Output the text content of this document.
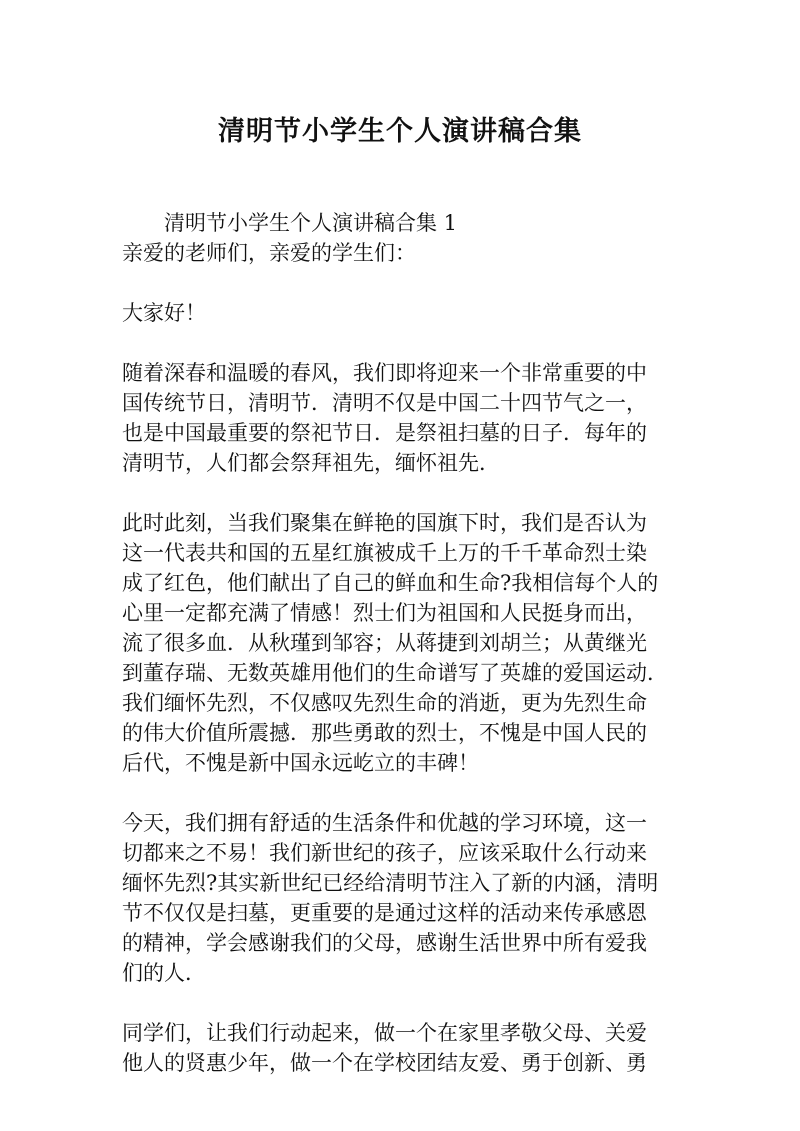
清明节小学生个人演讲稿合集

清明节小学生个人演讲稿合集 1

亲爱的老师们，亲爱的学生们：

大家好！

随着深春和温暖的春风，我们即将迎来一个非常重要的中

国传统节日，清明节．清明不仅是中国二十四节气之一，

也是中国最重要的祭祀节日．是祭祖扫墓的日子．每年的

清明节，人们都会祭拜祖先，缅怀祖先．

此时此刻，当我们聚集在鲜艳的国旗下时，我们是否认为

这一代表共和国的五星红旗被成千上万的千千革命烈士染

成了红色，他们献出了自己的鲜血和生命?我相信每个人的

心里一定都充满了情感！烈士们为祖国和人民挺身而出，

流了很多血．从秋瑾到邹容；从蒋捷到刘胡兰；从黄继光

到董存瑞、无数英雄用他们的生命谱写了英雄的爱国运动．

我们缅怀先烈，不仅感叹先烈生命的消逝，更为先烈生命

的伟大价值所震撼．那些勇敢的烈士，不愧是中国人民的

后代，不愧是新中国永远屹立的丰碑！

今天，我们拥有舒适的生活条件和优越的学习环境，这一

切都来之不易！我们新世纪的孩子，应该采取什么行动来

缅怀先烈?其实新世纪已经给清明节注入了新的内涵，清明

节不仅仅是扫墓，更重要的是通过这样的活动来传承感恩

的精神，学会感谢我们的父母，感谢生活世界中所有爱我

们的人．

同学们，让我们行动起来，做一个在家里孝敬父母、关爱

他人的贤惠少年，做一个在学校团结友爱、勇于创新、勇
